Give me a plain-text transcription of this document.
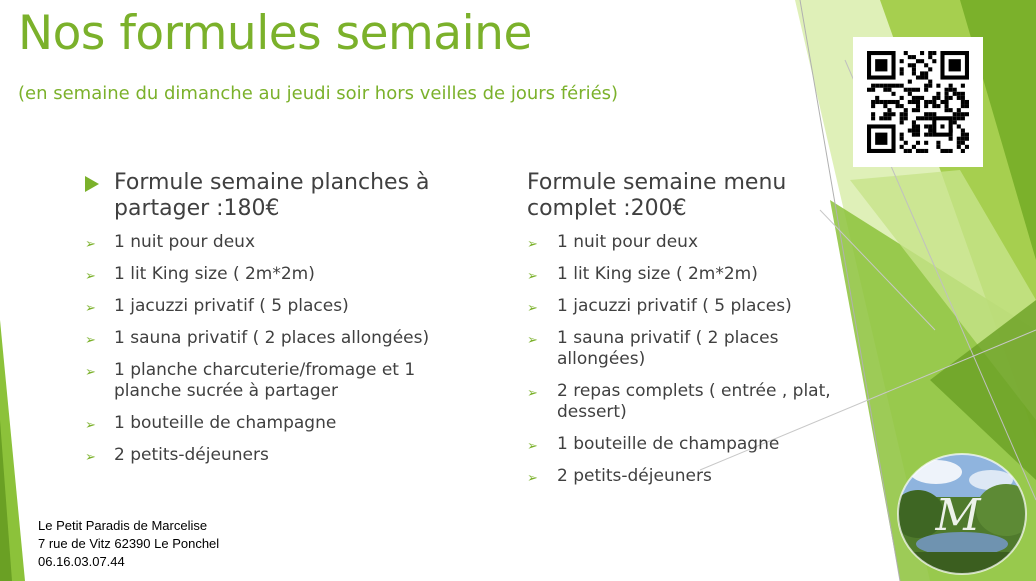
Nos formules semaine
(en semaine du dimanche au jeudi soir hors veilles de jours fériés)
Formule semaine planches à partager :180€
➢ 1 nuit pour deux
➢ 1 lit King size ( 2m*2m)
➢ 1 jacuzzi privatif ( 5 places)
➢ 1 sauna privatif ( 2 places allongées)
➢ 1 planche charcuterie/fromage et 1 planche sucrée à partager
➢ 1 bouteille de champagne
➢ 2 petits-déjeuners
Formule semaine menu complet :200€
➢ 1 nuit pour deux
➢ 1 lit King size ( 2m*2m)
➢ 1 jacuzzi privatif ( 5 places)
➢ 1 sauna privatif ( 2 places allongées)
➢ 2 repas complets ( entrée , plat, dessert)
➢ 1 bouteille de champagne
➢ 2 petits-déjeuners
Le Petit Paradis de Marcelise
7 rue de Vitz 62390 Le Ponchel
06.16.03.07.44
M
